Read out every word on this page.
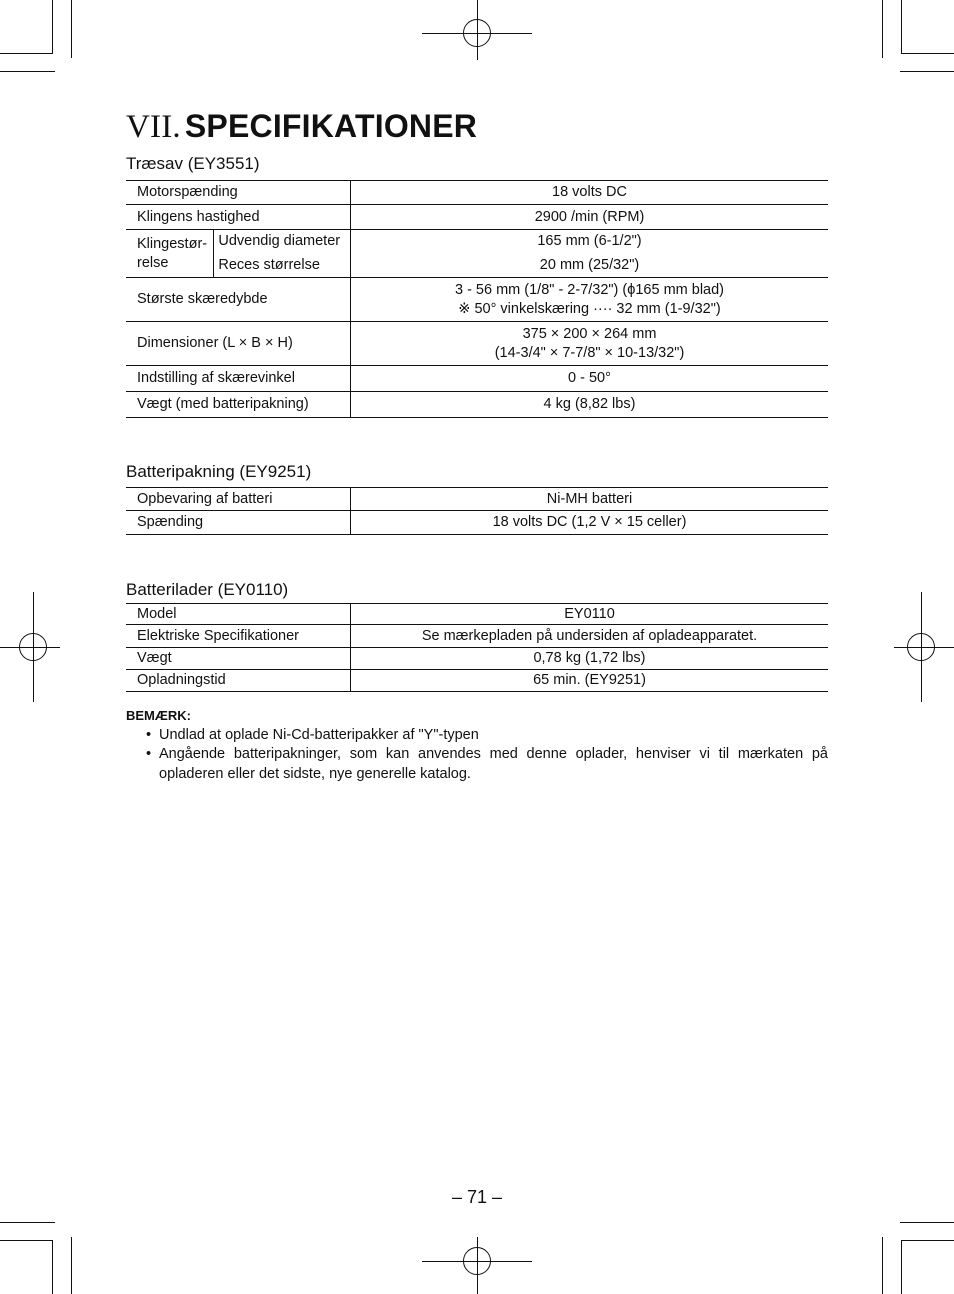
VII. SPECIFIKATIONER
Træsav (EY3551)
Motorspænding		18 volts DC
Klingens hastighed		2900 /min (RPM)
Klingestør-relse	Udvendig diameter	165 mm (6-1/2")
	Reces størrelse	20 mm (25/32")
Største skæredybde		3 - 56 mm (1/8" - 2-7/32") (ϕ165 mm blad)
※ 50° vinkelskæring ···· 32 mm (1-9/32")

Dimensioner (L × B × H)		375 × 200 × 264 mm
(14-3/4" × 7-7/8" × 10-13/32")

Indstilling af skærevinkel		0 - 50°
Vægt (med batteripakning)		4 kg (8,82 lbs)
Batteripakning (EY9251)
Opbevaring af batteri	Ni-MH batteri
Spænding	18 volts DC (1,2 V × 15 celler)
Batterilader (EY0110)
Model	EY0110
Elektriske Specifikationer	Se mærkepladen på undersiden af opladeapparatet.
Vægt	0,78 kg (1,72 lbs)
Opladningstid	65 min. (EY9251)
BEMÆRK:
• Undlad at oplade Ni-Cd-batteripakker af "Y"-typen
• Angående batteripakninger, som kan anvendes med denne oplader, henviser vi til mærkaten på opladeren eller det sidste, nye generelle katalog.
– 71 –
